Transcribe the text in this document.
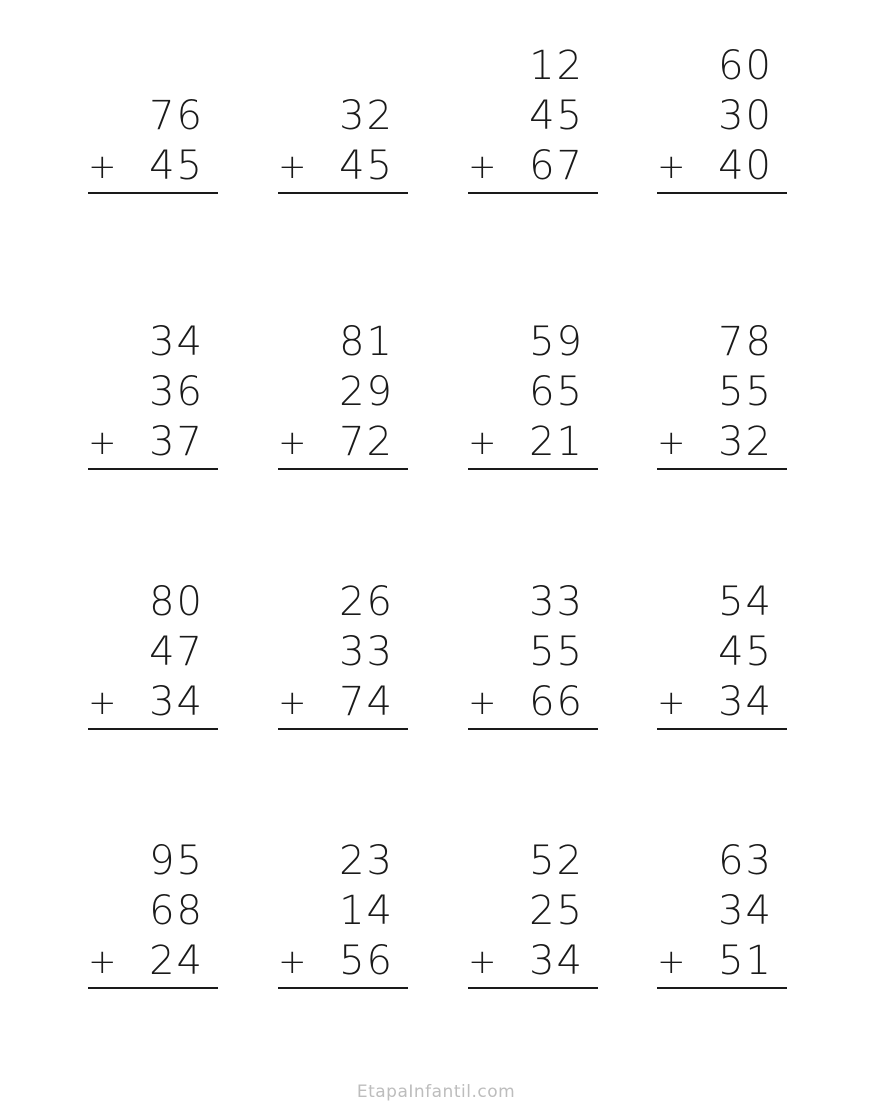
76
45
+
32
45
+
12
45
67
+
60
30
40
+
34
36
37
+
81
29
72
+
59
65
21
+
78
55
32
+
80
47
34
+
26
33
74
+
33
55
66
+
54
45
34
+
95
68
24
+
23
14
56
+
52
25
34
+
63
34
51
+
EtapaInfantil.com
